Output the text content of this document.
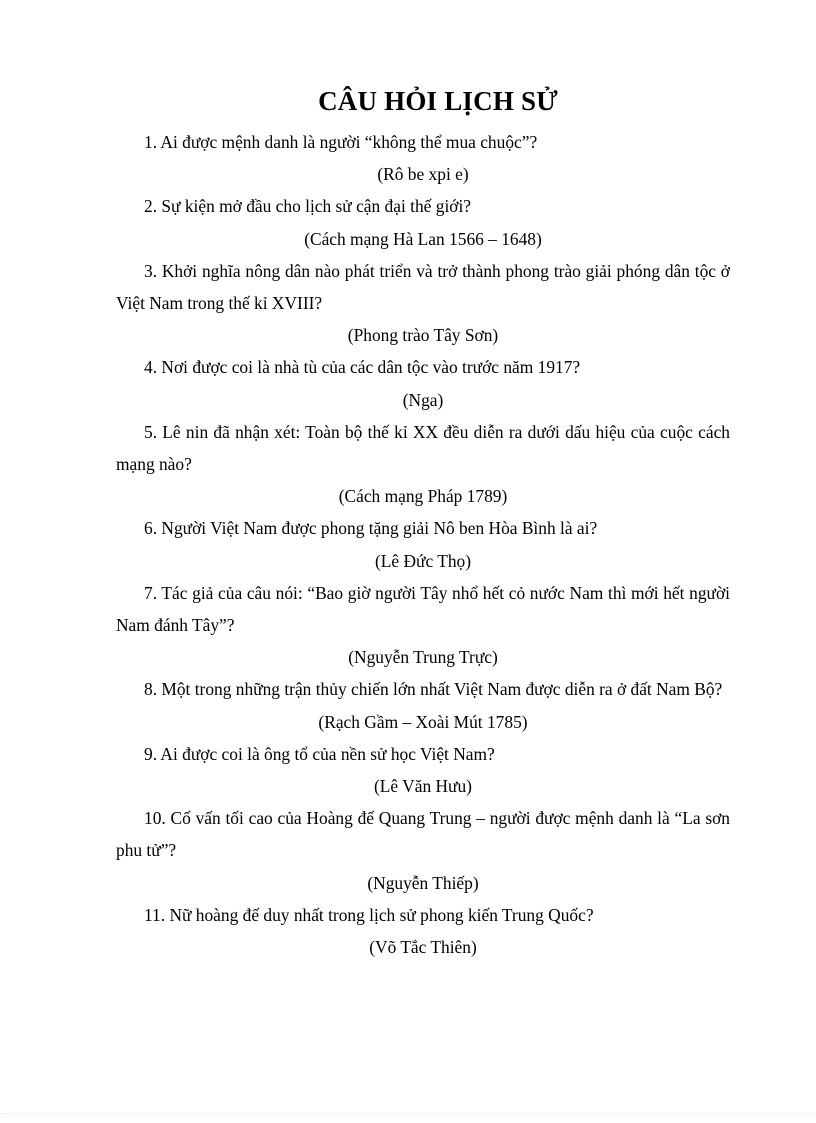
CÂU HỎI LỊCH SỬ

1. Ai được mệnh danh là người “không thể mua chuộc”?

(Rô be xpi e)

2. Sự kiện mở đầu cho lịch sử cận đại thế giới?

(Cách mạng Hà Lan 1566 – 1648)

3. Khởi nghĩa nông dân nào phát triển và trở thành phong trào giải phóng dân tộc ở Việt Nam trong thế kỉ XVIII?

(Phong trào Tây Sơn)

4. Nơi được coi là nhà tù của các dân tộc vào trước năm 1917?

(Nga)

5. Lê nin đã nhận xét: Toàn bộ thế kỉ XX đều diễn ra dưới dấu hiệu của cuộc cách mạng nào?

(Cách mạng Pháp 1789)

6. Người Việt Nam được phong tặng giải Nô ben Hòa Bình là ai?

(Lê Đức Thọ)

7. Tác giả của câu nói: “Bao giờ người Tây nhổ hết cỏ nước Nam thì mới hết người Nam đánh Tây”?

(Nguyễn Trung Trực)

8. Một trong những trận thủy chiến lớn nhất Việt Nam được diễn ra ở đất Nam Bộ?

(Rạch Gầm – Xoài Mút 1785)

9. Ai được coi là ông tổ của nền sử học Việt Nam?

(Lê Văn Hưu)

10. Cố vấn tối cao của Hoàng đế Quang Trung – người được mệnh danh là “La sơn phu tử”?

(Nguyễn Thiếp)

11. Nữ hoàng đế duy nhất trong lịch sử phong kiến Trung Quốc?

(Võ Tắc Thiên)
